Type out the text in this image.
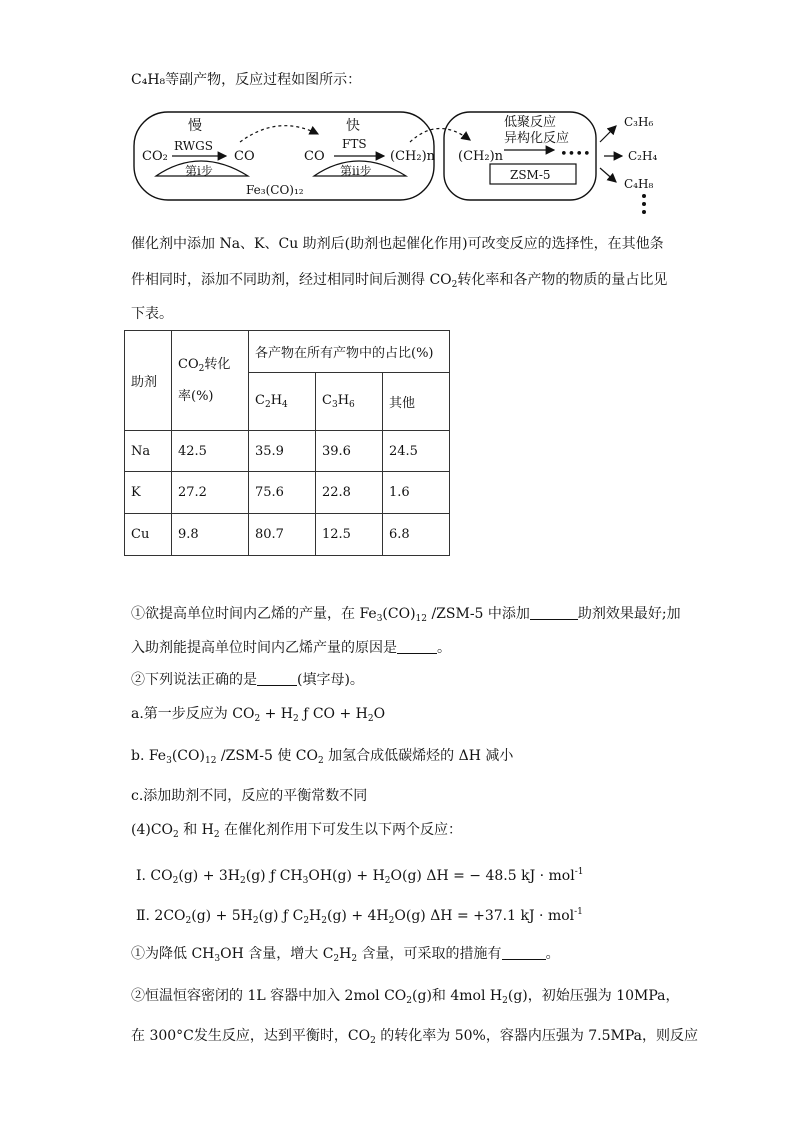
C₄H₈等副产物，反应过程如图所示：
慢
RWGS
CO₂	CO
第i步
快
FTS
CO	(CH₂)n
第ii步
Fe₃(CO)₁₂
低聚反应
异构化反应
(CH₂)n	••••
ZSM-5
C₃H₆
C₂H₄
C₄H₈
催化剂中添加 Na、K、Cu 助剂后(助剂也起催化作用)可改变反应的选择性，在其他条
件相同时，添加不同助剂，经过相同时间后测得 $CO_2$转化率和各产物的物质的量占比见
下表。
助剂	$CO_2$转化
率(%)	各产物在所有产物中的占比(%)		
		$C_2H_4$	$C_3H_6$	其他
Na	42.5	35.9	39.6	24.5
K	27.2	75.6	22.8	1.6
Cu	9.8	80.7	12.5	6.8
①欲提高单位时间内乙烯的产量，在 $Fe_3(CO)_{12}$ /ZSM-5 中添加	助剂效果最好;加
入助剂能提高单位时间内乙烯产量的原因是	。
②下列说法正确的是	(填字母)。
a.第一步反应为 $CO_2 + H_2$ ƒ CO + $H_2O$
b. $Fe_3(CO)_{12}$ /ZSM-5 使 $CO_2$ 加氢合成低碳烯烃的 ΔH 减小
c.添加助剂不同，反应的平衡常数不同
$(4)CO_2$ 和 $H_2$ 在催化剂作用下可发生以下两个反应：
Ⅰ. $CO_2(g) + 3H_2(g)$ ƒ $CH_3OH(g) + H_2O(g) \Delta H$ = − 48.5 kJ · mol$^{-1}$
Ⅱ. $2CO_2(g) + 5H_2(g)$ ƒ $C_2H_2(g) + 4H_2O(g) \Delta H = +37.1$ kJ · mol$^{-1}$
①为降低 $CH_3OH$ 含量，增大 $C_2H_2$ 含量，可采取的措施有	。
②恒温恒容密闭的 1L 容器中加入 2mol $CO_2(g)$和 4mol $H_2(g)$，初始压强为 10MPa，
在 300°C发生反应，达到平衡时，$CO_2$ 的转化率为 50%，容器内压强为 7.5MPa，则反应
